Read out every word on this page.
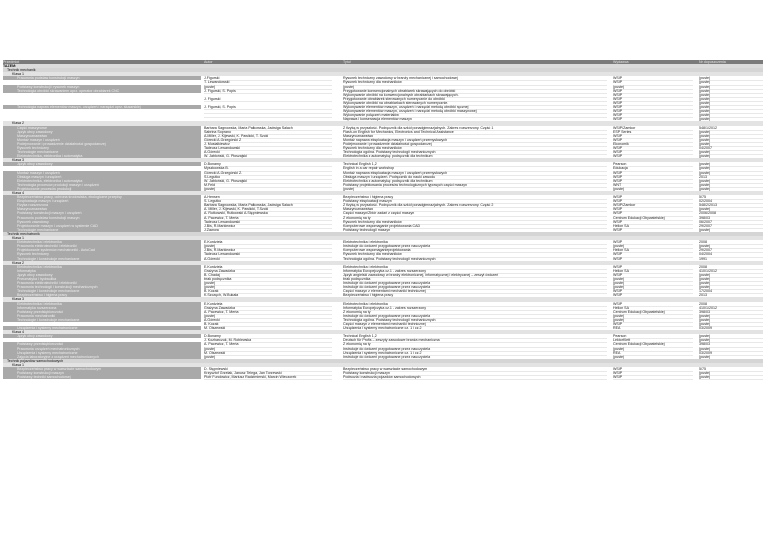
Przedmiot	Autor	Tytuł	Wydawca	Nr dopuszczenia
TAZEM:
Technik mechanik
Klasa 1
Pracownia podstaw konstrukcji maszyn	J.Figurski	Rysunek techniczny zawodowy w branży mechanicznej i samochodowej	WSIP	(puste)
T. Lewandowski	Rysunek techniczny dla mechaników	WSIP	(puste)
Podstawy konstrukcji i rysunek maszyn	(puste)	(puste)	(puste)	(puste)
Technologia obróbki skrawaniem oprz. operator obrabiarek CNC	J. Figurski, S. Popis	Przygotowanie konwencjonalnych obrabiarek skrawających do obróbki	WSIP	(puste)
Wykonywanie obróbki na konwencjonalnych obrabiarkach skrawających.	WSIP	(puste)
J. Figurski	Przygotowanie obrabiarek sterowanych numerycznie do obróbki	WSIP	(puste)
Wykonywanie obróbki na obrabiarkach sterowanych numerycznie.	WSIP	(puste)
Technologia napraw elementów maszyn, urządzeń i narzędzi oprz. ślusarskiej	J. Figurski, S. Popis	Wykonywanie elementów maszyn, urządzeń i narzędzi metodą obróbki ręcznej	WSIP	(puste)
Wykonywanie elementów maszyn, urządzeń i narzędzi metodą obróbki maszynowej	WSIP	(puste)
Wykonywanie połączeń materiałów	WSIP	(puste)
Naprawa i konserwacja elementów maszyn	WSIP	(puste)
Klasa 2
Część maszynowe	Barbara Sagnowska, Maria Pałkowska, Jadwiga Salach	Z fizyką w przyszłość. Podręcznik dla szkół ponadgimnazjalnych. Zakres rozszerzony. Część 1	WSIP/Zamkor	548/1/2012
Język obcy zawodowy	Sabrina Soprano	Flash-on English for Mechanics, Electronics and Technical Assistance	ESP Series	(puste)
Maszynoznawstwo	A.Miller, J. Kijewski, K. Pawlicki, T. Szcki	Maszynoznawstwo	WSIP	(puste)
Montaż maszyn i urządzeń	Górecki A.Grzegórski Z	Montaż naprawa eksploatacja maszyn i urządzeń przemysłowych	WSIP	(puste)
Podejmowanie i prowadzenie działalności gospodarczej	J. Musiałkiewicz	Podejmowanie i prowadzenie działalności gospodarczej	Ekonomik	(puste)
Rysunek techniczny	Tadeusz Lewandowski	Rysunek techniczny dla mechaników	WSIP	04/2007
Technologie mechaniczne	A.Górecki	Technologia ogólna. Podstawy technologii mechanicznych	WSIP	(puste)
Elektrotechnika, elektronika i automatyka	W. Jabłoński, G. Płoszajski	Elektrotechnika z automatyką: podręcznik dla technikum	WSIP	(puste)
Klasa 3
Język obcy zawodowy	D.Bonamy	Technical English 1,2	Pearson	(puste)
Myszkowska B.	English in a car repair workshop	Edukacja	(puste)
Montaż maszyn i urządzeń	Górecki A.Grzegórski Z.	Montaż naprawa eksploatacja maszyn i urządzeń przemysłowych	WSIP	(puste)
Obsługa maszyn i urządzeń	S.Legutko	Obsługa maszyn i urządzeń. Podręcznik do nauki zawodu	WSIP	2013
Elektrotechnika, elektronika i automatyka	W. Jabłoński, G. Płoszajski	Elektrotechnika z automatyką: podręcznik dla technikum	WSIP	(puste)
Technologia procesów produkcji maszyn i urządzeń	M.Feld	Podstawy projektowania procesów technologicznych typowych części maszyn	WNT	(puste)
Projektowanie procesów produkcji	(puste)	(puste)	(puste)	(puste)
Klasa 4
Bezpieczeństwo pracy, ochrona środowiska, ekologiczne przepisy	A.Hensen	Bezpieczeństwo i higiena pracy	WSIP	5/75
Eksploatacja maszyn i urządzeń	S. Legutko	Podstawy eksploatacji maszyn	WSIP	02/2004
Fizyka rozszerzona	Barbara Sagnowska, Maria Pałkowska, Jadwiga Salach	Z fizyką w przyszłość. Podręcznik dla szkół ponadgimnazjalnych. Zakres rozszerzony. Część 2	WSIP/Zamkor	548/2/2013
Maszynoznawstwo	A. Miller, J. Kijewski, K. Pawlicki, T.Szcki	Maszynoznawstwo	WSIP	(puste)
Podstawy konstrukcji maszyn i urządzeń	A. Rutkowski, Rutkowski A.Stępniewska	Części maszyn/Zbiór zadań z części maszyn	WSIP	2006/2008
Pracownia podstaw konstrukcji maszyn	A. Pacewicz, T. Merta	Z ekonomią na ty	Centrum Edukacji Obywatelskiej	398/03
Rysunek zawodowy	Tadeusz Lewandowski	Rysunek techniczny dla mechaników	WSIP	06/2007
Projektowanie maszyn i urządzeń w systemie CAD	J.Bis, R.Markiewicz	Komputerowe wspomaganie projektowania CAD	Helion SA	29/2007
Technologie mechaniczne	J.Zawora	Podstawy technologii maszyn	WSIP	(puste)
Technik mechatronik
Klasa 1
Elektrotechnika i elektronika	E.Kurdziela	Elektrotechnika i elektronika	WSIP	2008
Pracownia elektrotechniki i elektroniki	(puste)	Instrukcje do ćwiczeń przygotowane przez nauczyciela	(puste)	(puste)
Projektowanie systemów mechatroniki - AutoCad	J.Bis, R.Markiewicz	Komputerowe wspomaganieprojektowania	Helion SA	29/2007
Rysunek techniczny	Tadeusz Lewandowski	Rysunek techniczny dla mechaników	WSIP	04/2004
Technologie i konstrukcje mechaniczne	A.Górecki	Technologia ogólna. Podstawy technologii mechanicznych	WSIP	1991
Klasa 2
Elektrotechnika i elektronika	E.Kurdziela	Elektrotechnika i elektronika	WSIP	2008
Informatyka	Grażyna Zawadzka	Informatyka Europejczyka cz.1 - zakres rozszerzony	Helion SA	410/1/2012
Język obcy zawodowy	B. Chadaj	Język angielski zawodowy w branży elektronicznej, informatycznej i elektrycznej – zeszyt ćwiczeń	WSIP	(puste)
Pneumatyka i hydraulika	brak podręcznika	brak podręcznika	(puste)	(puste)
Pracownia elektrotechniki i elektroniki	(puste)	Instrukcje do ćwiczeń przygotowane przez nauczyciela	(puste)	(puste)
Pracownia technologii i konstrukcji mechanicznych	(puste)	Instrukcje do ćwiczeń przygotowane przez nauczyciela	(puste)	(puste)
Technologie i konstrukcje mechaniczne	B. Kozak	Części maszyn z elementami mechaniki technicznej	WSIP	17/2004
Bezpieczeństwo i higiena pracy	K.Szczęch, W.Bukała	Bezpieczeństwo i higiena pracy	WSIP	2013
Klasa 3
Elektrotechnika i elektronika	E.Kurdziela	Elektrotechnika i elektronika	WSIP	2008
Informatyka rozszerzona	Grażyna Zawadzka	Informatyka Europejczyka cz.1 - zakres rozszerzony	Helion SA	410/1/2012
Podstawy przedsiębiorczości	A. Pacewicz, T. Merta	Z ekonomią na ty	Centrum Edukacji Obywatelskiej	398/03
Pracownia mechatroniki	(puste)	Instrukcje do ćwiczeń przygotowane przez nauczyciela	(puste)	(puste)
Technologie i konstrukcje mechaniczne	A.Górecki	Technologia ogólna. Podstawy technologii mechanicznych	(puste)	(puste)
B. Kozak	Części maszyn z elementami mechaniki technicznej	WSIP	(puste)
Urządzenia i systemy mechatroniczne	M. Olszewski	Urządzenia i systemy mechatroniczne cz. 1 i cz.2	REA	03/2009
Klasa 4
Język obcy zawodowy	D.Bonamy	Technical English 1,2	Pearson	(puste)
J. Kozharczuk, M. Roblewska	Deutsch für Profis – zeszyty zawodowe branża mechaniczna	LektorKlett	(puste)
Podstawy przedsiębiorczości	A. Pacewicz, T. Merta	Z ekonomią na ty	Centrum Edukacji Obywatelskiej	398/03
Pracownia urządzeń mechatronicznych	(puste)	Instrukcje do ćwiczeń przygotowane przez nauczyciela	(puste)	(puste)
Urządzenia i systemy mechatroniczne	M. Olszewski	Urządzenia i systemy mechatroniczne cz. 1 i cz.2	REA	03/2009
Zajęcia laboratoryjne z urządzeń mechatronicznych	(puste)	Instrukcje do ćwiczeń przygotowane przez nauczyciela	(puste)	(puste)
Technik pojazdów samochodowych
Klasa 1
Bezpieczeństwo pracy w warsztacie samochodowym	D. Stępniewski	Bezpieczeństwo pracy w warsztacie samochodowym	WSIP	5/75
Podstawy konstrukcji maszyn	Krzysztof Grzelak, Janusz Telega, Jan Torzewski	Podstawy konstrukcji maszyn	WSIP	(puste)
Podstawy techniki samochodowej	Piotr Fundowicz, Mariusz Radzimierski, Marcin Wieczorek	Podwozia i nadwozia pojazdów samochodowych	WSIP	(puste)
